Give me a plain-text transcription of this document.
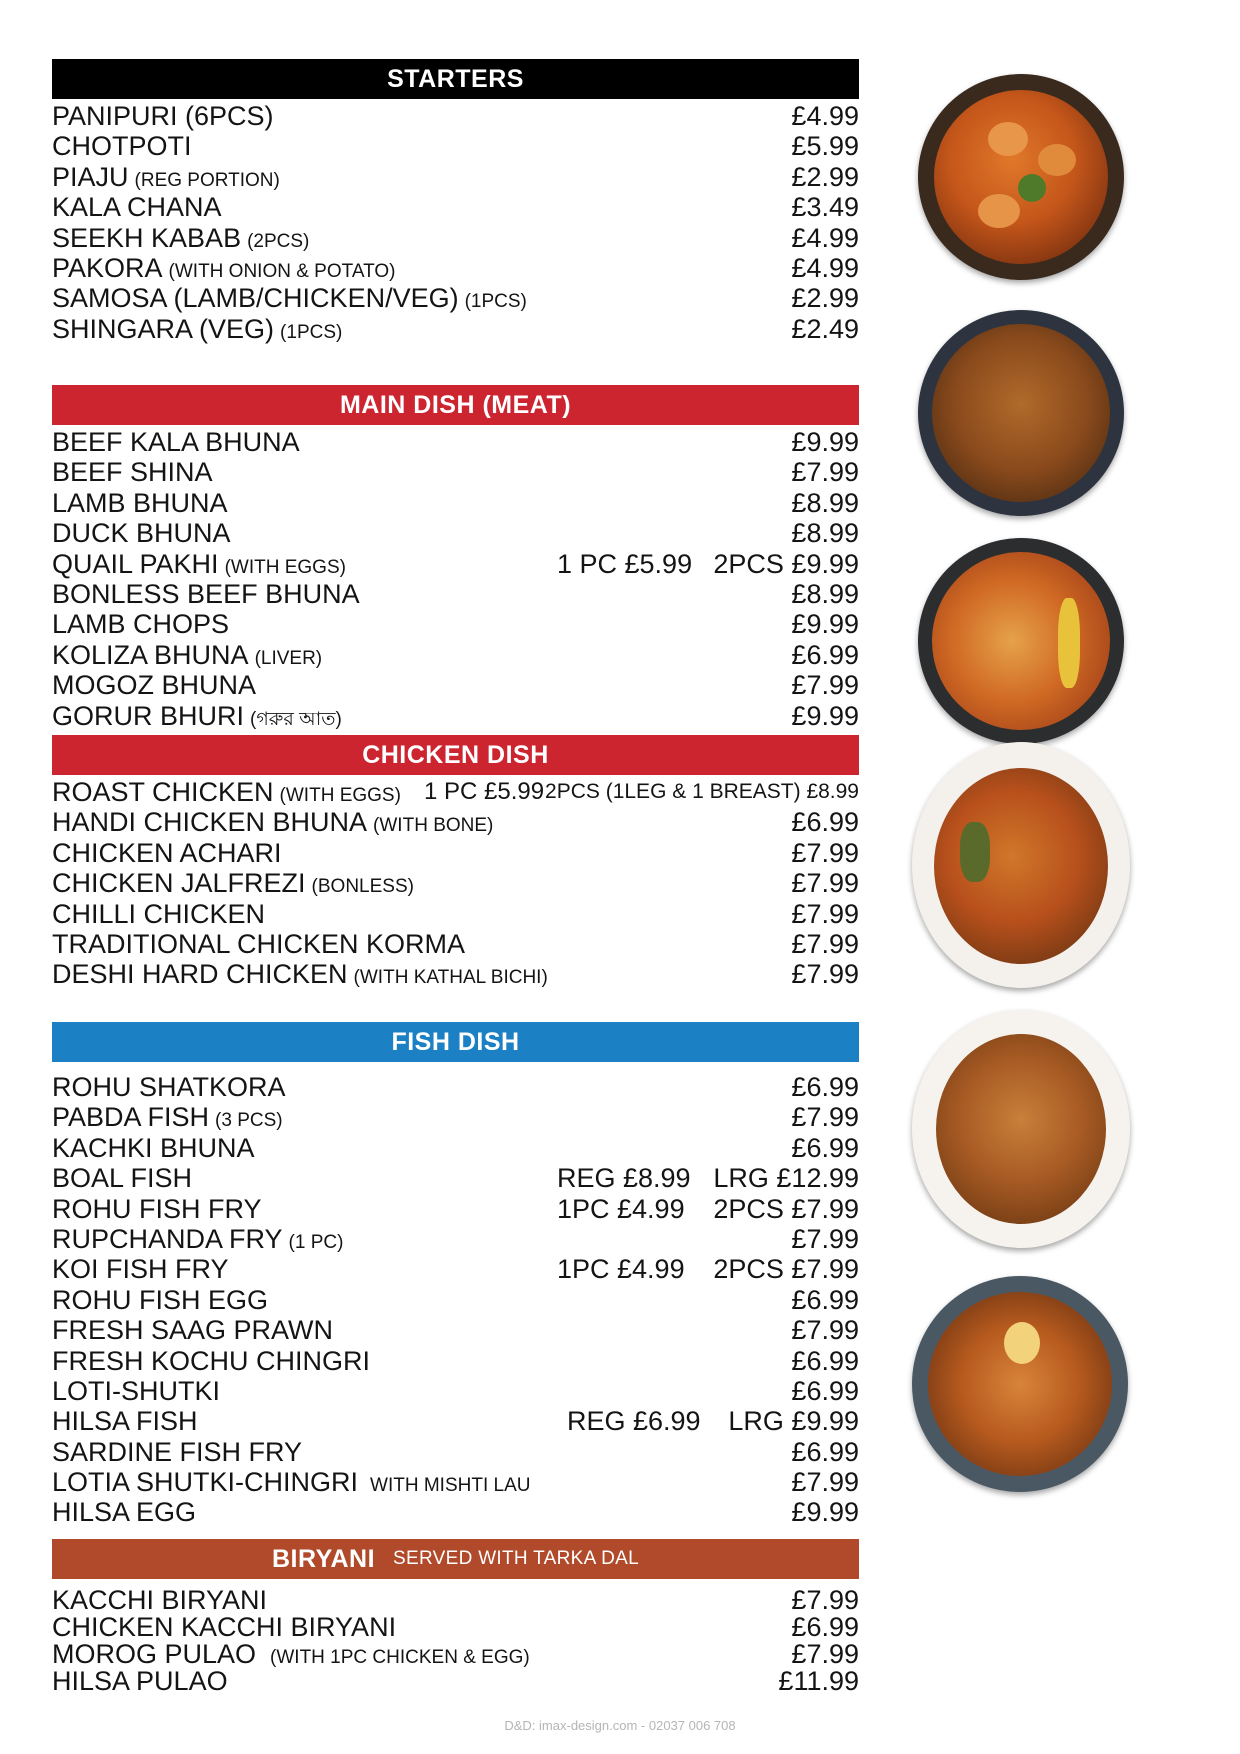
STARTERS
PANIPURI (6PCS)	£4.99
CHOTPOTI	£5.99
PIAJU (REG PORTION)	£2.99
KALA CHANA	£3.49
SEEKH KABAB (2PCS)	£4.99
PAKORA (WITH ONION & POTATO)	£4.99
SAMOSA (LAMB/CHICKEN/VEG) (1PCS)	£2.99
SHINGARA (VEG) (1PCS)	£2.49
MAIN DISH (MEAT)
BEEF KALA BHUNA	£9.99
BEEF SHINA	£7.99
LAMB BHUNA	£8.99
DUCK BHUNA	£8.99
QUAIL PAKHI (WITH EGGS)	1 PC £5.99 2PCS £9.99
BONLESS BEEF BHUNA	£8.99
LAMB CHOPS	£9.99
KOLIZA BHUNA (LIVER)	£6.99
MOGOZ BHUNA	£7.99
GORUR BHURI (গরুর আত)	£9.99
CHICKEN DISH
ROAST CHICKEN (WITH EGGS) 1 PC £5.99 2PCS (1LEG & 1 BREAST) £8.99
HANDI CHICKEN BHUNA (WITH BONE)	£6.99
CHICKEN ACHARI	£7.99
CHICKEN JALFREZI (BONLESS)	£7.99
CHILLI CHICKEN	£7.99
TRADITIONAL CHICKEN KORMA	£7.99
DESHI HARD CHICKEN (WITH KATHAL BICHI)	£7.99
FISH DISH
ROHU SHATKORA	£6.99
PABDA FISH (3 PCS)	£7.99
KACHKI BHUNA	£6.99
BOAL FISH	REG £8.99 LRG £12.99
ROHU FISH FRY	1PC £4.99 2PCS £7.99
RUPCHANDA FRY (1 PC)	£7.99
KOI FISH FRY	1PC £4.99 2PCS £7.99
ROHU FISH EGG	£6.99
FRESH SAAG PRAWN	£7.99
FRESH KOCHU CHINGRI	£6.99
LOTI-SHUTKI	£6.99
HILSA FISH	REG £6.99 LRG £9.99
SARDINE FISH FRY	£6.99
LOTIA SHUTKI-CHINGRI WITH MISHTI LAU	£7.99
HILSA EGG	£9.99
BIRYANI SERVED WITH TARKA DAL
KACCHI BIRYANI	£7.99
CHICKEN KACCHI BIRYANI	£6.99
MOROG PULAO (WITH 1PC CHICKEN & EGG)	£7.99
HILSA PULAO	£11.99
D&D: imax-design.com - 02037 006 708
